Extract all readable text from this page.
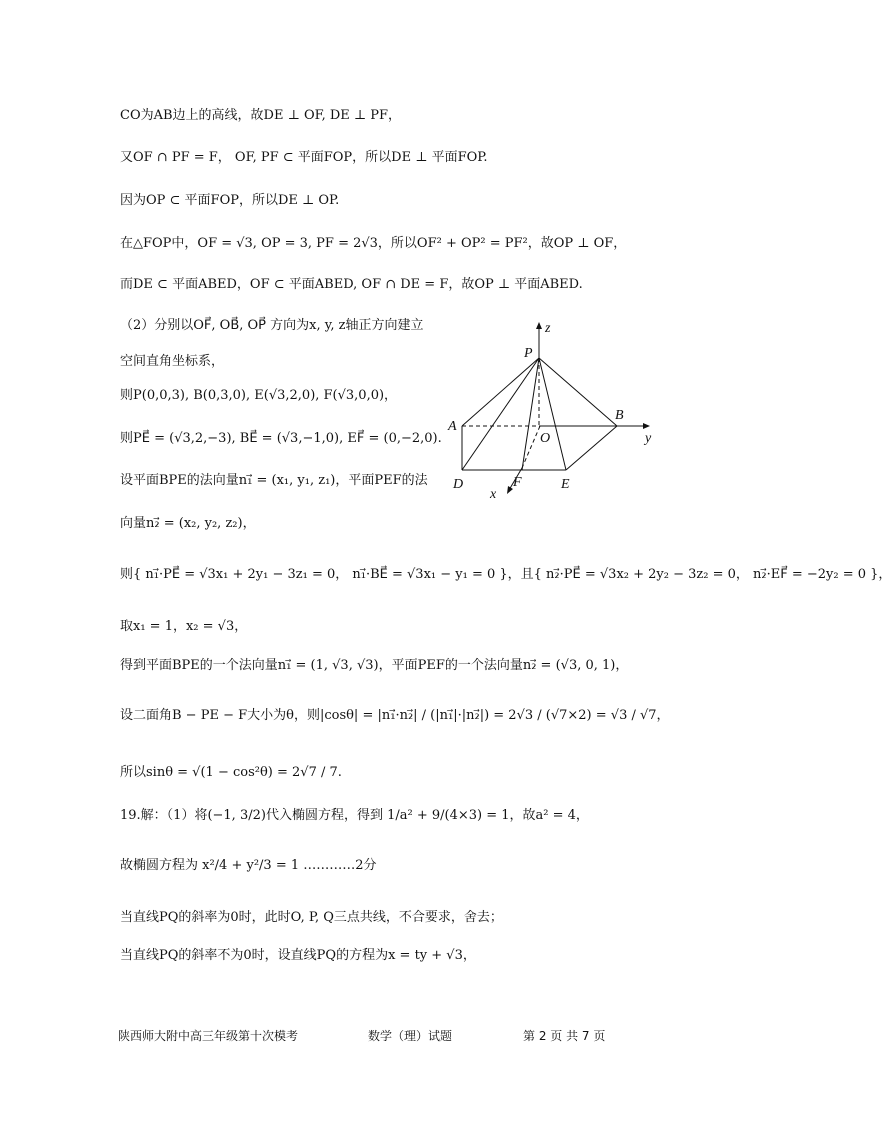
CO为AB边上的高线，故DE ⊥ OF, DE ⊥ PF，
又OF ∩ PF = F， OF, PF ⊂ 平面FOP，所以DE ⊥ 平面FOP.
因为OP ⊂ 平面FOP，所以DE ⊥ OP.
在△FOP中，OF = √3, OP = 3, PF = 2√3，所以OF² + OP² = PF²，故OP ⊥ OF，
而DE ⊂ 平面ABED，OF ⊂ 平面ABED, OF ∩ DE = F，故OP ⊥ 平面ABED.
（2）分别以OF⃗, OB⃗, OP⃗ 方向为x, y, z轴正方向建立
空间直角坐标系，
则P(0,0,3), B(0,3,0), E(√3,2,0), F(√3,0,0)，
则PE⃗ = (√3,2,−3), BE⃗ = (√3,−1,0), EF⃗ = (0,−2,0).
设平面BPE的法向量n₁⃗ = (x₁, y₁, z₁)，平面PEF的法
向量n₂⃗ = (x₂, y₂, z₂)，
则{ n₁⃗·PE⃗ = √3x₁ + 2y₁ − 3z₁ = 0， n₁⃗·BE⃗ = √3x₁ − y₁ = 0 }，且{ n₂⃗·PE⃗ = √3x₂ + 2y₂ − 3z₂ = 0， n₂⃗·EF⃗ = −2y₂ = 0 }，
取x₁ = 1，x₂ = √3，
得到平面BPE的一个法向量n₁⃗ = (1, √3, √3)，平面PEF的一个法向量n₂⃗ = (√3, 0, 1)，
设二面角B − PE − F大小为θ，则|cosθ| = |n₁⃗·n₂⃗| / (|n₁⃗|·|n₂⃗|) = 2√3 / (√7×2) = √3 / √7，
所以sinθ = √(1 − cos²θ) = 2√7 / 7.
19.解：（1）将(−1, 3/2)代入椭圆方程，得到 1/a² + 9/(4×3) = 1，故a² = 4，
故椭圆方程为 x²/4 + y²/3 = 1 …………2分
当直线PQ的斜率为0时，此时O, P, Q三点共线，不合要求，舍去；
当直线PQ的斜率不为0时，设直线PQ的方程为x = ty + √3，
z
P
A
B
y
O
D	F	E
x
陕西师大附中高三年级第十次模考	数学（理）试题	第 2 页 共 7 页
